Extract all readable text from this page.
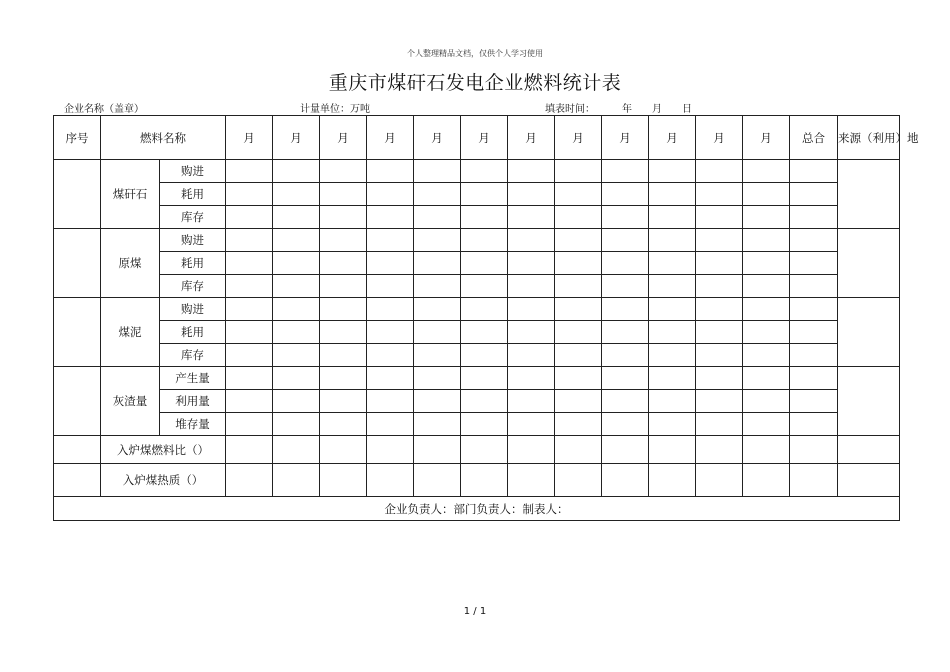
个人整理精品文档，仅供个人学习使用
重庆市煤矸石发电企业燃料统计表
企业名称（盖章）	计量单位：万吨	填表时间：	年 月 日
序号	燃料名称		月	月	月	月	月	月	月	月	月	月	月	月	总合	来源（利用）地
	煤矸石	购进														
		耗用														
		库存														
	原煤	购进														
		耗用														
		库存														
	煤泥	购进														
		耗用														
		库存														
	灰渣量	产生量														
		利用量														
		堆存量														
	入炉煤燃料比（）															
	入炉煤热质（）															
企业负责人：部门负责人：制表人：																
1 / 1
